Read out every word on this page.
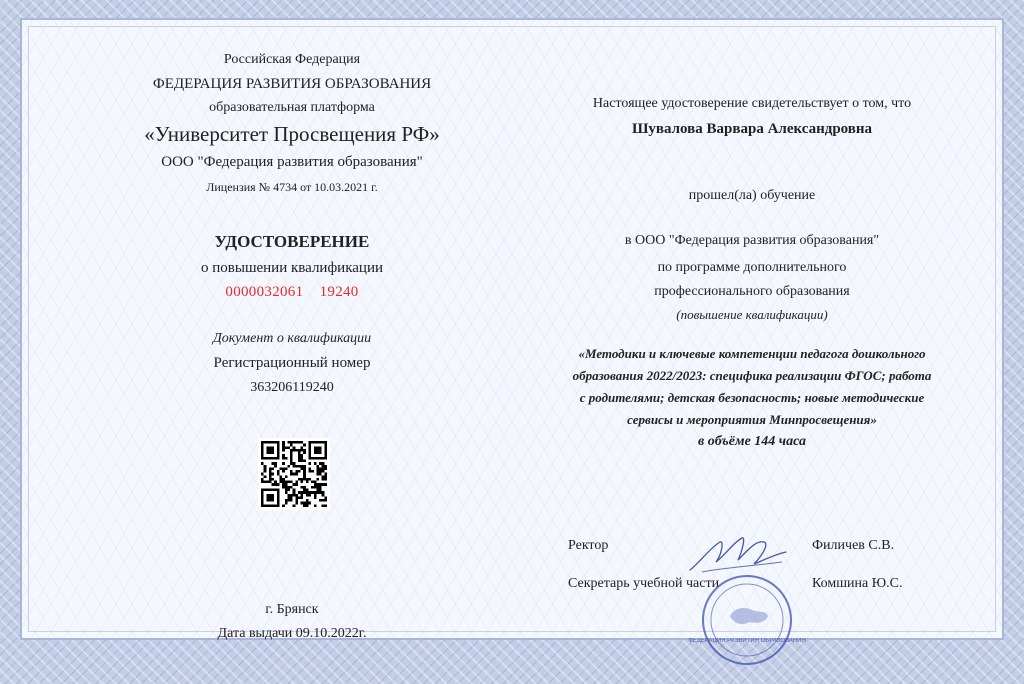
Российская Федерация
ФЕДЕРАЦИЯ РАЗВИТИЯ ОБРАЗОВАНИЯ
образовательная платформа
«Университет Просвещения РФ»
ООО "Федерация развития образования"
Лицензия № 4734 от 10.03.2021 г.
УДОСТОВЕРЕНИЕ
о повышении квалификации
0000032061 19240
Документ о квалификации
Регистрационный номер
363206119240
г. Брянск
Дата выдачи 09.10.2022г.
Настоящее удостоверение свидетельствует о том, что
Шувалова Варвара Александровна
прошел(ла) обучение
в ООО "Федерация развития образования"
по программе дополнительного
профессионального образования
(повышение квалификации)
«Методики и ключевые компетенции педагога дошкольного
образования 2022/2023: специфика реализации ФГОС; работа
с родителями; детская безопасность; новые методические
сервисы и мероприятия Минпросвещения»
в объёме 144 часа
Ректор	Филичев С.В.
Секретарь учебной части	Комшина Ю.С.
ФЕДЕРАЦИЯ РАЗВИТИЯ ОБРАЗОВАНИЯ
